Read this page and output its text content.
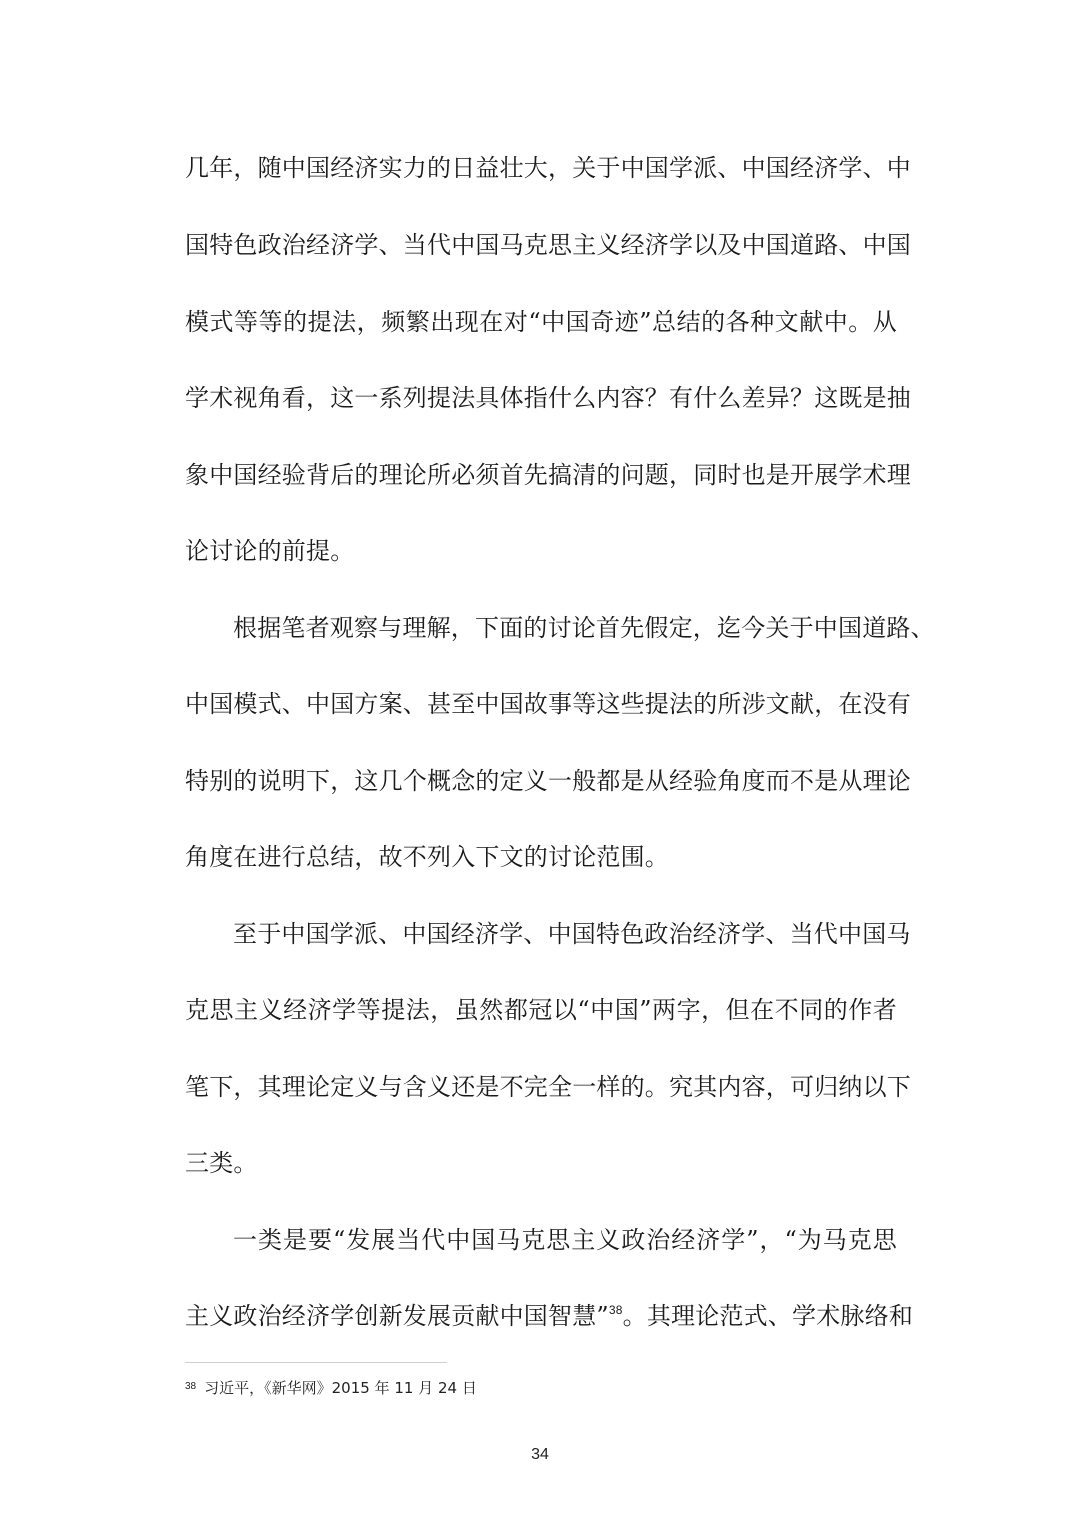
几年，随中国经济实力的日益壮大，关于中国学派、中国经济学、中
国特色政治经济学、当代中国马克思主义经济学以及中国道路、中国
模式等等的提法，频繁出现在对“中国奇迹”总结的各种文献中。从
学术视角看，这一系列提法具体指什么内容？有什么差异？这既是抽
象中国经验背后的理论所必须首先搞清的问题，同时也是开展学术理
论讨论的前提。
根据笔者观察与理解，下面的讨论首先假定，迄今关于中国道路、
中国模式、中国方案、甚至中国故事等这些提法的所涉文献，在没有
特别的说明下，这几个概念的定义一般都是从经验角度而不是从理论
角度在进行总结，故不列入下文的讨论范围。
至于中国学派、中国经济学、中国特色政治经济学、当代中国马
克思主义经济学等提法，虽然都冠以“中国”两字，但在不同的作者
笔下，其理论定义与含义还是不完全一样的。究其内容，可归纳以下
三类。
一类是要“发展当代中国马克思主义政治经济学”，“为马克思
主义政治经济学创新发展贡献中国智慧”$^{38}$。其理论范式、学术脉络和
$^{38}$ 习近平，《新华网》2015 年 11 月 24 日
34
